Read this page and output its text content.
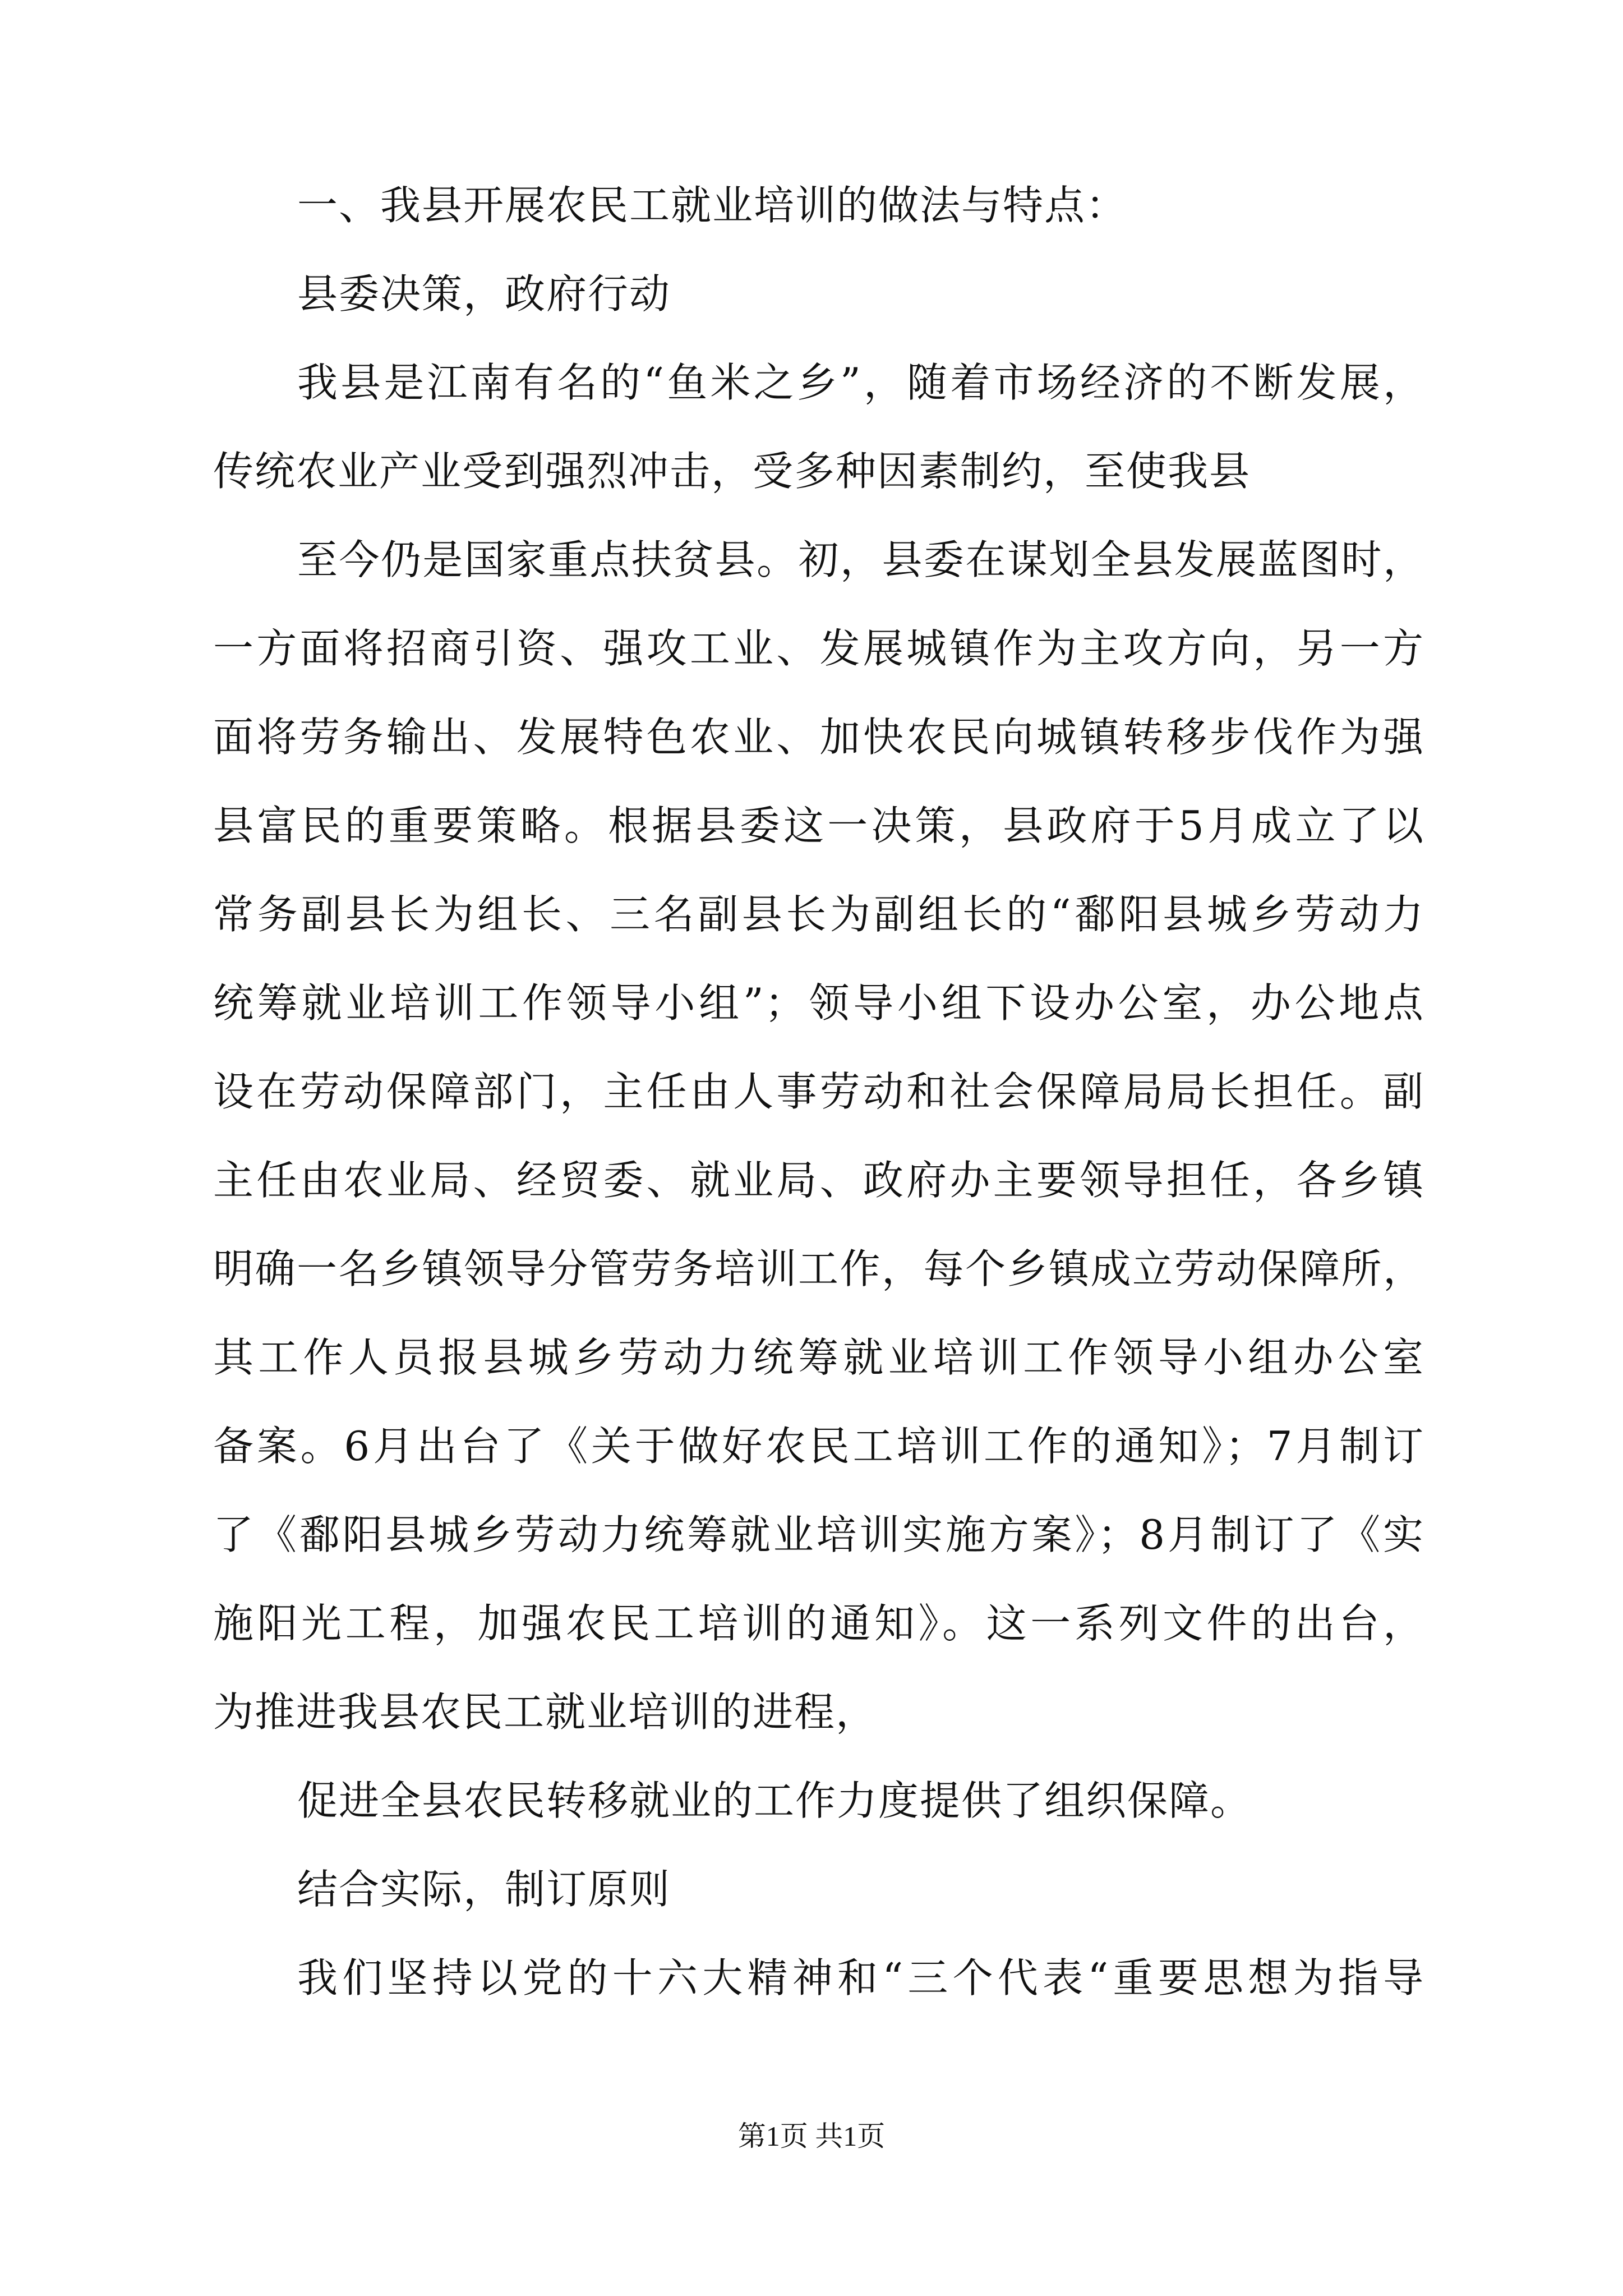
一、我县开展农民工就业培训的做法与特点：
县委决策，政府行动
我县是江南有名的“鱼米之乡”，随着市场经济的不断发展，
传统农业产业受到强烈冲击，受多种因素制约，至使我县
至今仍是国家重点扶贫县。初，县委在谋划全县发展蓝图时，
一方面将招商引资、强攻工业、发展城镇作为主攻方向，另一方
面将劳务输出、发展特色农业、加快农民向城镇转移步伐作为强
县富民的重要策略。根据县委这一决策，县政府于5月成立了以
常务副县长为组长、三名副县长为副组长的“鄱阳县城乡劳动力
统筹就业培训工作领导小组”；领导小组下设办公室，办公地点
设在劳动保障部门，主任由人事劳动和社会保障局局长担任。副
主任由农业局、经贸委、就业局、政府办主要领导担任，各乡镇
明确一名乡镇领导分管劳务培训工作，每个乡镇成立劳动保障所，
其工作人员报县城乡劳动力统筹就业培训工作领导小组办公室
备案。6月出台了《关于做好农民工培训工作的通知》；7月制订
了《鄱阳县城乡劳动力统筹就业培训实施方案》；8月制订了《实
施阳光工程，加强农民工培训的通知》。这一系列文件的出台，
为推进我县农民工就业培训的进程，
促进全县农民转移就业的工作力度提供了组织保障。
结合实际，制订原则
我们坚持以党的十六大精神和“三个代表“重要思想为指导
第1页 共1页
